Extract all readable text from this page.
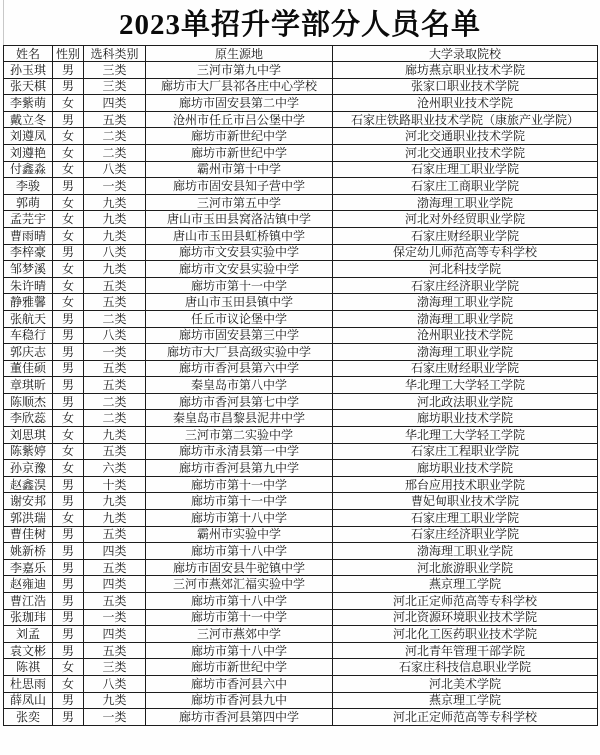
2023单招升学部分人员名单
姓名	性别	选科类别	原生源地	大学录取院校
孙玉琪	男	三类	三河市第九中学	廊坊燕京职业技术学院
张天棋	男	三类	廊坊市大厂县祁各庄中心学校	张家口职业技术学院
李紫萌	女	四类	廊坊市固安县第二中学	沧州职业技术学院
戴立冬	男	五类	沧州市任丘市吕公堡中学	石家庄铁路职业技术学院（康旅产业学院）
刘遵凤	女	二类	廊坊市新世纪中学	河北交通职业技术学院
刘遵艳	女	二类	廊坊市新世纪中学	河北交通职业技术学院
付鑫淼	女	八类	霸州市第十中学	石家庄理工职业学院
李骏	男	一类	廊坊市固安县知子营中学	石家庄工商职业学院
郭萌	女	九类	三河市第五中学	渤海理工职业学院
孟芫宇	女	九类	唐山市玉田县窝洛沽镇中学	河北对外经贸职业学院
曹雨晴	女	九类	唐山市玉田县虹桥镇中学	石家庄财经职业学院
李梓豪	男	八类	廊坊市文安县实验中学	保定幼儿师范高等专科学校
邹梦溪	女	九类	廊坊市文安县实验中学	河北科技学院
朱许晴	女	五类	廊坊市第十一中学	石家庄经济职业学院
静雅馨	女	五类	唐山市玉田县镇中学	渤海理工职业学院
张航天	男	二类	任丘市议论堡中学	渤海理工职业学院
车稳行	男	八类	廊坊市固安县第三中学	沧州职业技术学院
郭庆志	男	一类	廊坊市大厂县高级实验中学	渤海理工职业学院
董佳硕	男	五类	廊坊市香河县第六中学	石家庄财经职业学院
章琪昕	男	五类	秦皇岛市第八中学	华北理工大学轻工学院
陈顺杰	男	二类	廊坊市香河县第七中学	河北政法职业学院
李欣蕊	女	二类	秦皇岛市昌黎县泥井中学	廊坊职业技术学院
刘思琪	女	九类	三河市第二实验中学	华北理工大学轻工学院
陈紫婷	女	五类	廊坊市永清县第一中学	石家庄工程职业学院
孙京豫	女	六类	廊坊市香河县第九中学	廊坊职业技术学院
赵鑫淏	男	十类	廊坊市第十一中学	邢台应用技术职业学院
谢安邦	男	九类	廊坊市第十一中学	曹妃甸职业技术学院
郭洪瑞	女	九类	廊坊市第十八中学	石家庄理工职业学院
曹佳树	男	五类	霸州市实验中学	石家庄经济职业学院
姚新桥	男	四类	廊坊市第十八中学	渤海理工职业学院
李嘉乐	男	五类	廊坊市固安县牛驼镇中学	河北旅游职业学院
赵雍迪	男	四类	三河市燕郊汇福实验中学	燕京理工学院
曹江浩	男	五类	廊坊市第十八中学	河北正定师范高等专科学校
张珈玮	男	一类	廊坊市第十一中学	河北资源环境职业技术学院
刘孟	男	四类	三河市燕郊中学	河北化工医药职业技术学院
袁文彬	男	五类	廊坊市第十八中学	河北青年管理干部学院
陈祺	女	三类	廊坊市新世纪中学	石家庄科技信息职业学院
杜思雨	女	八类	廊坊市香河县六中	河北美术学院
薛凤山	男	九类	廊坊市香河县九中	燕京理工学院
张奕	男	一类	廊坊市香河县第四中学	河北正定师范高等专科学校
